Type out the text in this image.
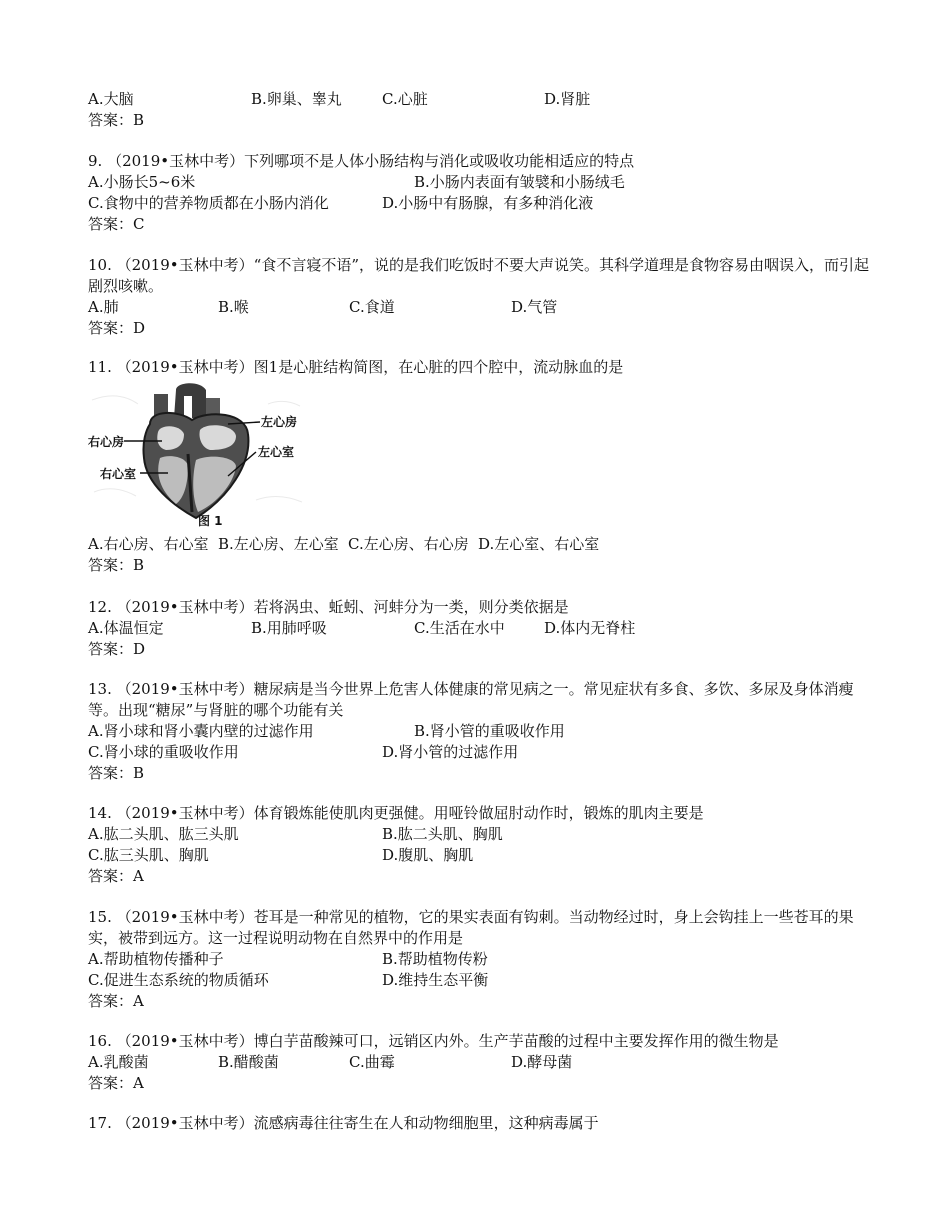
A.大脑	B.卵巢、睾丸	C.心脏	D.肾脏
答案：B
9. （2019•玉林中考）下列哪项不是人体小肠结构与消化或吸收功能相适应的特点
A.小肠长5~6米	B.小肠内表面有皱襞和小肠绒毛
C.食物中的营养物质都在小肠内消化	D.小肠中有肠腺，有多种消化液
答案：C
10. （2019•玉林中考）“食不言寝不语”，说的是我们吃饭时不要大声说笑。其科学道理是食物容易由咽误入，而引起剧烈咳嗽。
A.肺	B.喉	C.食道	D.气管
答案：D
11. （2019•玉林中考）图1是心脏结构简图，在心脏的四个腔中，流动脉血的是
左心房
右心房
左心室
右心室
图 1
A.右心房、右心室 B.左心房、左心室 C.左心房、右心房 D.左心室、右心室
答案：B
12. （2019•玉林中考）若将涡虫、蚯蚓、河蚌分为一类，则分类依据是
A.体温恒定	B.用肺呼吸	C.生活在水中	D.体内无脊柱
答案：D
13. （2019•玉林中考）糖尿病是当今世界上危害人体健康的常见病之一。常见症状有多食、多饮、多尿及身体消瘦等。出现“糖尿”与肾脏的哪个功能有关
A.肾小球和肾小囊内壁的过滤作用	B.肾小管的重吸收作用
C.肾小球的重吸收作用	D.肾小管的过滤作用
答案：B
14. （2019•玉林中考）体育锻炼能使肌肉更强健。用哑铃做屈肘动作时，锻炼的肌肉主要是
A.肱二头肌、肱三头肌	B.肱二头肌、胸肌
C.肱三头肌、胸肌	D.腹肌、胸肌
答案：A
15. （2019•玉林中考）苍耳是一种常见的植物，它的果实表面有钩刺。当动物经过时，身上会钩挂上一些苍耳的果实，被带到远方。这一过程说明动物在自然界中的作用是
A.帮助植物传播种子	B.帮助植物传粉
C.促进生态系统的物质循环	D.维持生态平衡
答案：A
16. （2019•玉林中考）博白芋苗酸辣可口，远销区内外。生产芋苗酸的过程中主要发挥作用的微生物是
A.乳酸菌	B.醋酸菌	C.曲霉	D.酵母菌
答案：A
17. （2019•玉林中考）流感病毒往往寄生在人和动物细胞里，这种病毒属于
